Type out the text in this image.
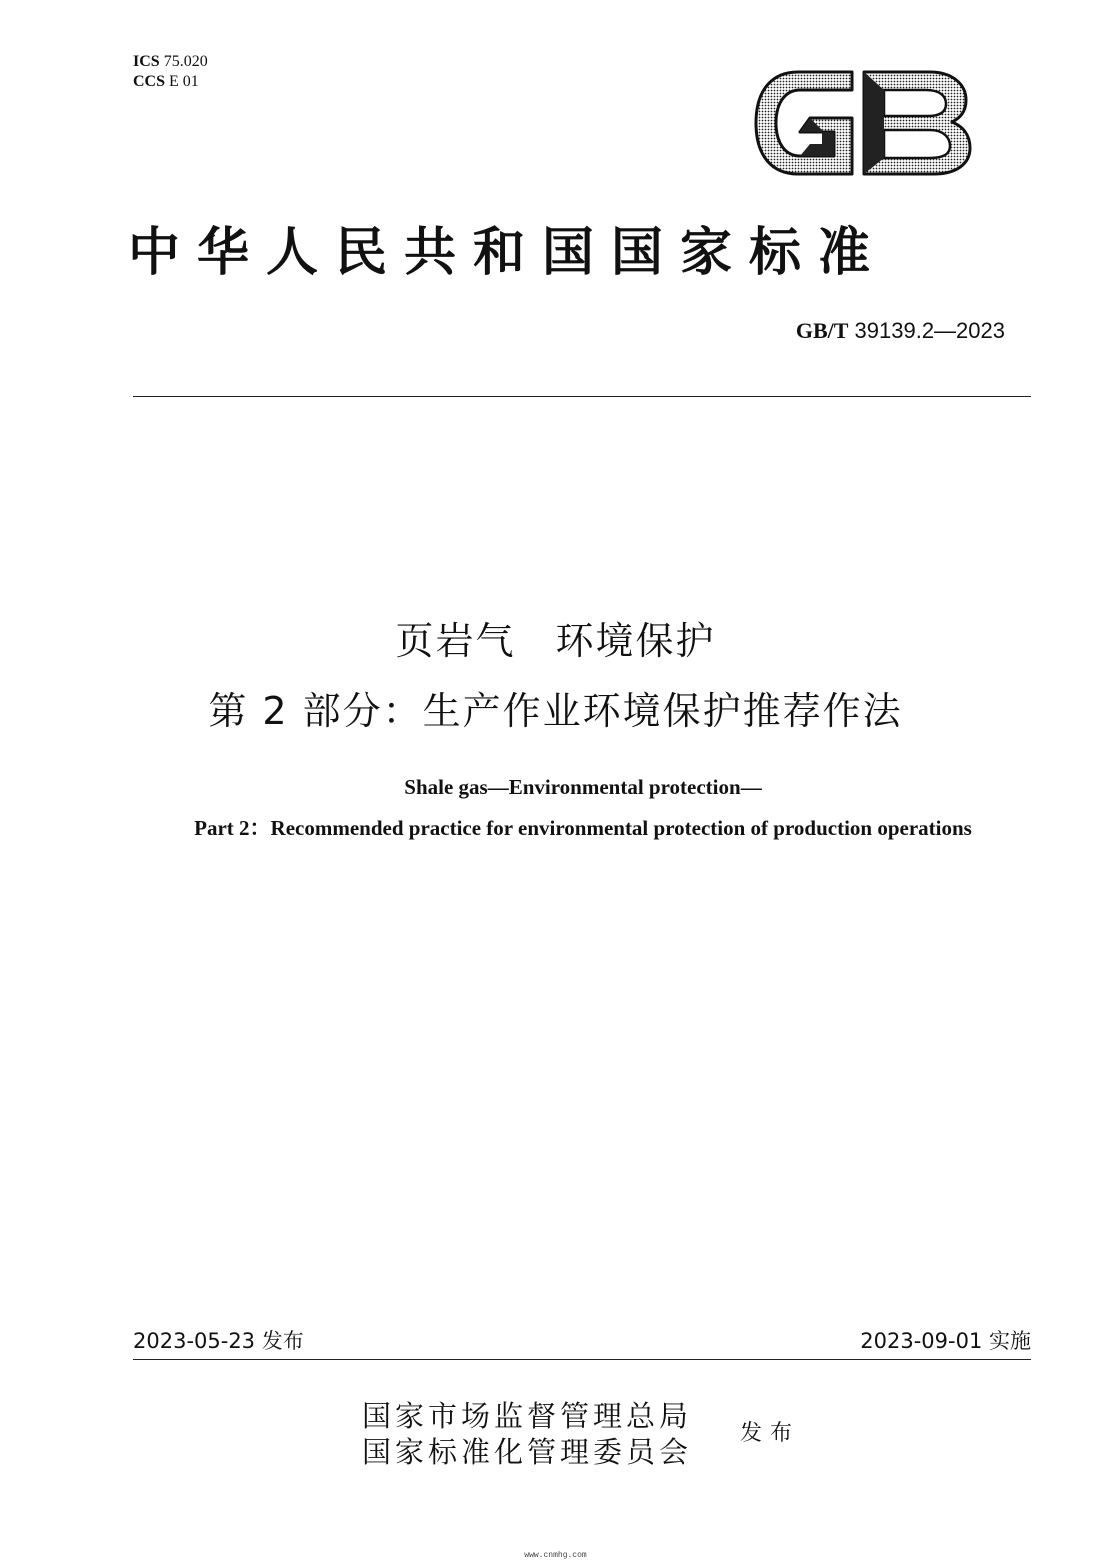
ICS 75.020
CCS E 01
中华人民共和国国家标准
GB/T 39139.2—2023
页岩气　环境保护
第 2 部分：生产作业环境保护推荐作法
Shale gas—Environmental protection—
Part 2：Recommended practice for environmental protection of production operations
2023-05-23 发布	2023-09-01 实施
国家市场监督管理总局
国家标准化管理委员会
发布
www.cnmhg.com
